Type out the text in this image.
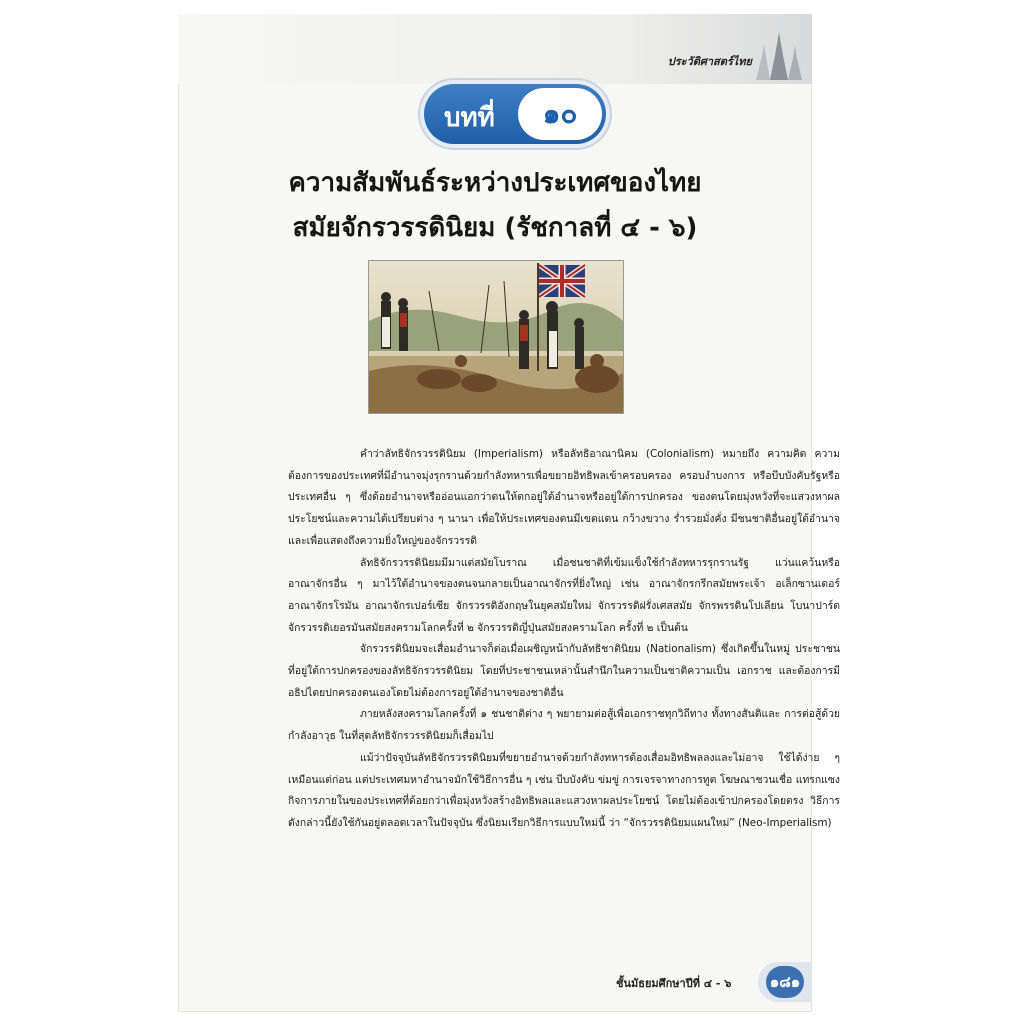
ประวัติศาสตร์ไทย
บทที่	๑๐
ความสัมพันธ์ระหว่างประเทศของไทย
สมัยจักรวรรดินิยม (รัชกาลที่ ๔ - ๖)

คำว่าลัทธิจักรวรรดินิยม (Imperialism) หรือลัทธิอาณานิคม (Colonialism) หมายถึง ความคิด ความต้องการของประเทศที่มีอำนาจมุ่งรุกรานด้วยกำลังทหารเพื่อขยายอิทธิพลเข้าครอบครอง ครอบงำบงการ หรือบีบบังคับรัฐหรือประเทศอื่น ๆ ซึ่งด้อยอำนาจหรืออ่อนแอกว่าตนให้ตกอยู่ใต้อำนาจหรืออยู่ใต้การปกครอง ของตนโดยมุ่งหวังที่จะแสวงหาผลประโยชน์และความได้เปรียบต่าง ๆ นานา เพื่อให้ประเทศของตนมีเขตแดน กว้างขวาง ร่ำรวยมั่งคั่ง มีชนชาติอื่นอยู่ใต้อำนาจ และเพื่อแสดงถึงความยิ่งใหญ่ของจักรวรรดิ

ลัทธิจักรวรรดินิยมมีมาแต่สมัยโบราณ เมื่อชนชาติที่เข้มแข็งใช้กำลังทหารรุกรานรัฐ แว่นแคว้นหรือ อาณาจักรอื่น ๆ มาไว้ใต้อำนาจของตนจนกลายเป็นอาณาจักรที่ยิ่งใหญ่ เช่น อาณาจักรกรีกสมัยพระเจ้า อเล็กซานเดอร์ อาณาจักรโรมัน อาณาจักรเปอร์เซีย จักรวรรดิอังกฤษในยุคสมัยใหม่ จักรวรรดิฝรั่งเศสสมัย จักรพรรดินโปเลียน โบนาปาร์ต จักรวรรดิเยอรมันสมัยสงครามโลกครั้งที่ ๒ จักรวรรดิญี่ปุ่นสมัยสงครามโลก ครั้งที่ ๒ เป็นต้น

จักรวรรดินิยมจะเสื่อมอำนาจก็ต่อเมื่อเผชิญหน้ากับลัทธิชาตินิยม (Nationalism) ซึ่งเกิดขึ้นในหมู่ ประชาชนที่อยู่ใต้การปกครองของลัทธิจักรวรรดินิยม โดยที่ประชาชนเหล่านั้นสำนึกในความเป็นชาติความเป็น เอกราช และต้องการมีอธิปไตยปกครองตนเองโดยไม่ต้องการอยู่ใต้อำนาจของชาติอื่น

ภายหลังสงครามโลกครั้งที่ ๑ ชนชาติต่าง ๆ พยายามต่อสู้เพื่อเอกราชทุกวิถีทาง ทั้งทางสันติและ การต่อสู้ด้วยกำลังอาวุธ ในที่สุดลัทธิจักรวรรดินิยมก็เสื่อมไป

แม้ว่าปัจจุบันลัทธิจักรวรรดินิยมที่ขยายอำนาจด้วยกำลังทหารต้องเสื่อมอิทธิพลลงและไม่อาจ ใช้ได้ง่าย ๆ เหมือนแต่ก่อน แต่ประเทศมหาอำนาจมักใช้วิธีการอื่น ๆ เช่น บีบบังคับ ข่มขู่ การเจรจาทางการทูต โฆษณาชวนเชื่อ แทรกแซงกิจการภายในของประเทศที่ด้อยกว่าเพื่อมุ่งหวังสร้างอิทธิพลและแสวงหาผลประโยชน์ โดยไม่ต้องเข้าปกครองโดยตรง วิธีการดังกล่าวนี้ยังใช้กันอยู่ตลอดเวลาในปัจจุบัน ซึ่งนิยมเรียกวิธีการแบบใหม่นี้ ว่า “จักรวรรดินิยมแผนใหม่” (Neo-Imperialism)

ชั้นมัธยมศึกษาปีที่ ๔ - ๖	๑๘๑
